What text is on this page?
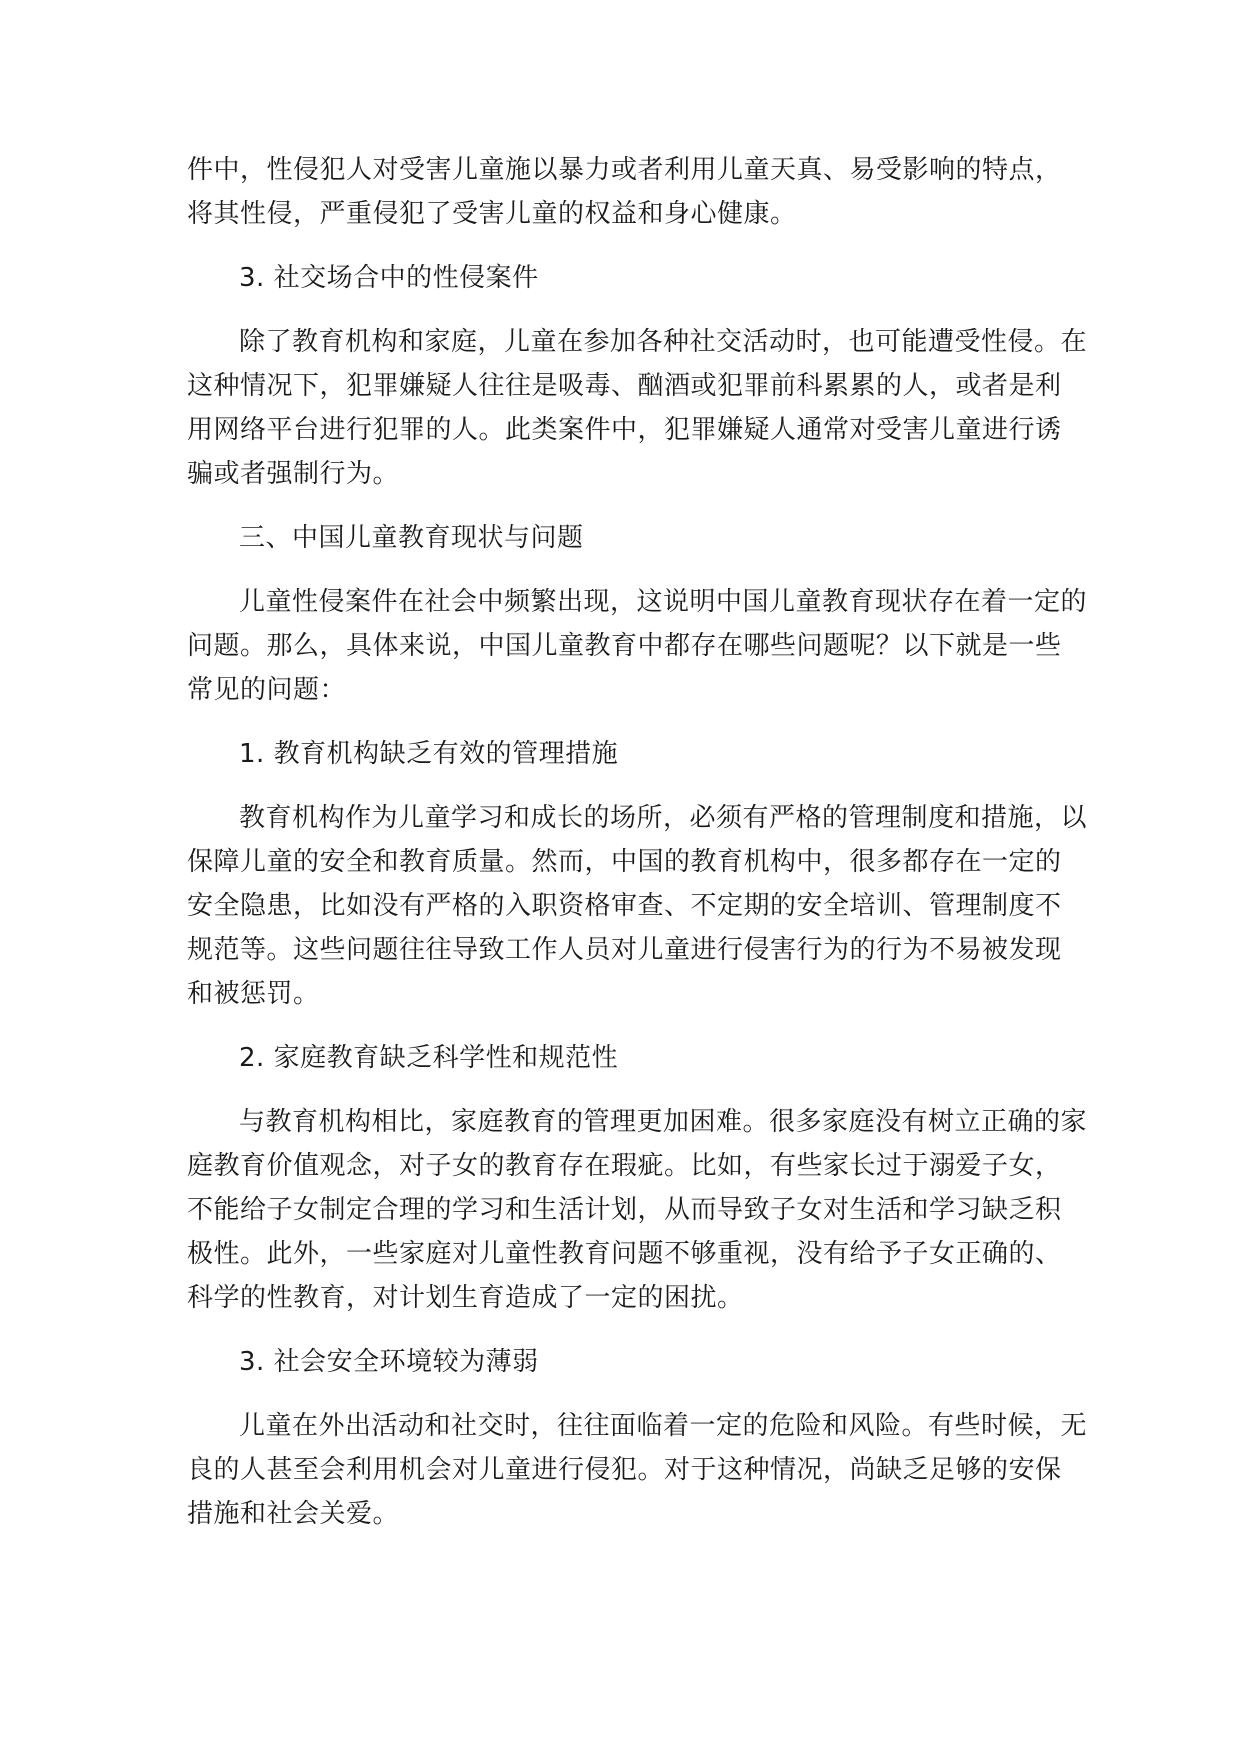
件中，性侵犯人对受害儿童施以暴力或者利用儿童天真、易受影响的特点，将其性侵，严重侵犯了受害儿童的权益和身心健康。

3. 社交场合中的性侵案件

除了教育机构和家庭，儿童在参加各种社交活动时，也可能遭受性侵。在这种情况下，犯罪嫌疑人往往是吸毒、酗酒或犯罪前科累累的人，或者是利用网络平台进行犯罪的人。此类案件中，犯罪嫌疑人通常对受害儿童进行诱骗或者强制行为。

三、中国儿童教育现状与问题

儿童性侵案件在社会中频繁出现，这说明中国儿童教育现状存在着一定的问题。那么，具体来说，中国儿童教育中都存在哪些问题呢？以下就是一些常见的问题：

1. 教育机构缺乏有效的管理措施

教育机构作为儿童学习和成长的场所，必须有严格的管理制度和措施，以保障儿童的安全和教育质量。然而，中国的教育机构中，很多都存在一定的安全隐患，比如没有严格的入职资格审查、不定期的安全培训、管理制度不规范等。这些问题往往导致工作人员对儿童进行侵害行为的行为不易被发现和被惩罚。

2. 家庭教育缺乏科学性和规范性

与教育机构相比，家庭教育的管理更加困难。很多家庭没有树立正确的家庭教育价值观念，对子女的教育存在瑕疵。比如，有些家长过于溺爱子女，不能给子女制定合理的学习和生活计划，从而导致子女对生活和学习缺乏积极性。此外，一些家庭对儿童性教育问题不够重视，没有给予子女正确的、科学的性教育，对计划生育造成了一定的困扰。

3. 社会安全环境较为薄弱

儿童在外出活动和社交时，往往面临着一定的危险和风险。有些时候，无良的人甚至会利用机会对儿童进行侵犯。对于这种情况，尚缺乏足够的安保措施和社会关爱。
